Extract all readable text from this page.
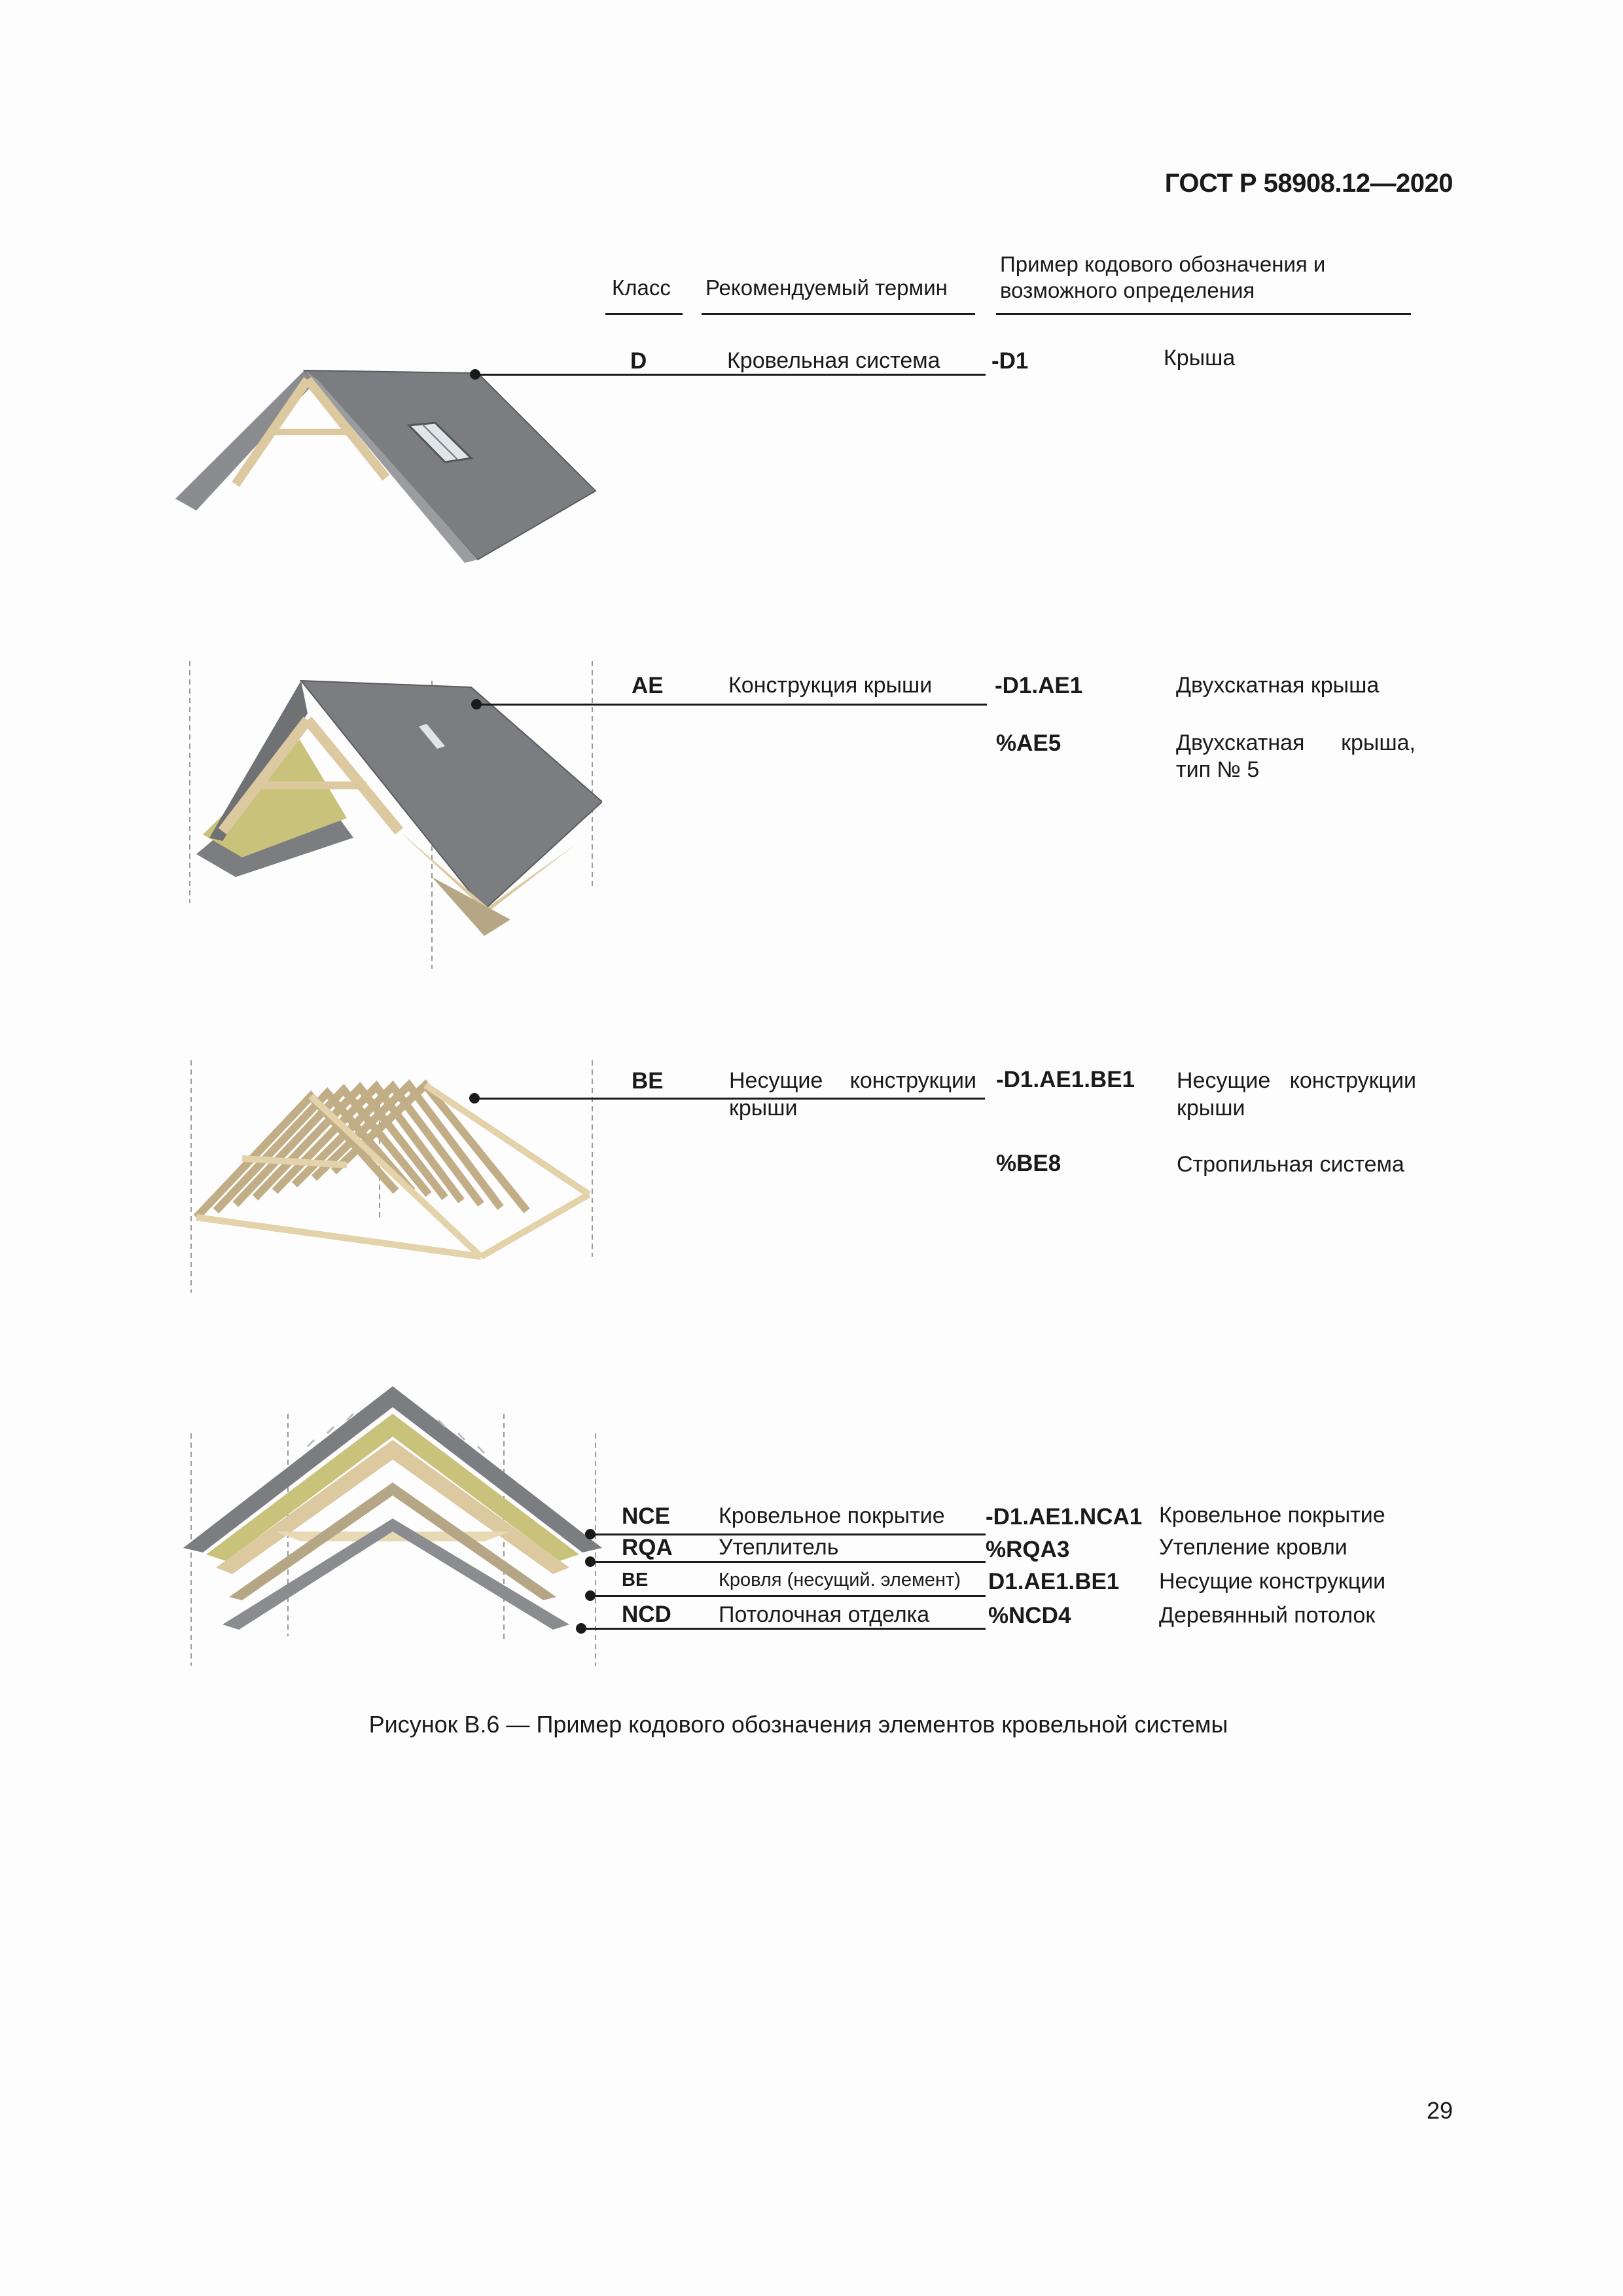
ГОСТ Р 58908.12—2020
Класс Рекомендуемый термин
Пример кодового обозначения и
возможного определения
D	Кровельная система -D1	Крыша
AE	Конструкция крыши	-D1.AE1	Двухскатная крыша
%AE5	Двухскатная крыша,
тип № 5
BE	Несущие конструкции
крыши
-D1.AE1.BE1 Несущие конструкции
крыши
%BE8	Стропильная система
NCE Кровельное покрытие -D1.AE1.NCA1 Кровельное покрытие
RQA Утеплитель	%RQA3	Утепление кровли
BE	Кровля (несущий. элемент) D1.AE1.BE1 Несущие конструкции
NCD Потолочная отделка	%NCD4	Деревянный потолок
Рисунок В.6 — Пример кодового обозначения элементов кровельной системы
29
